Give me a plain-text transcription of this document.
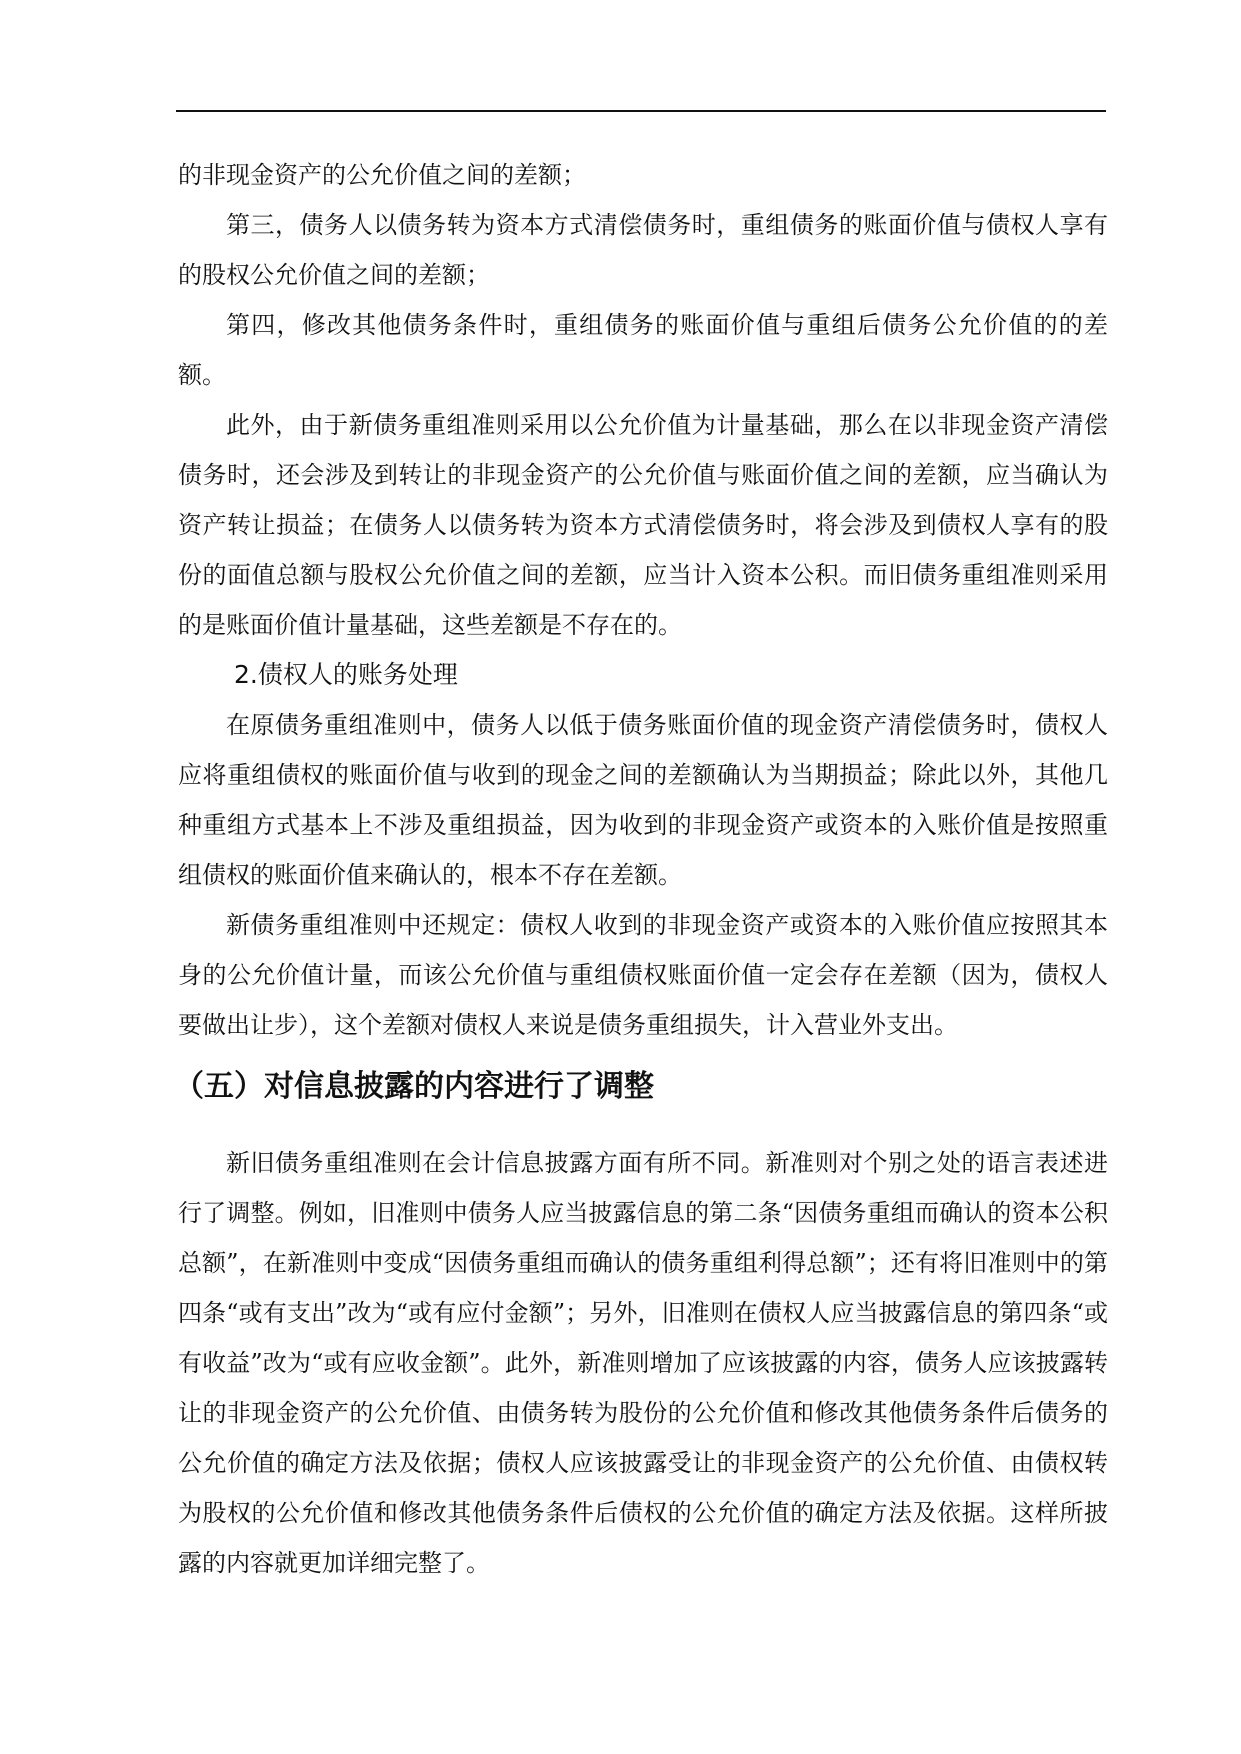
的非现金资产的公允价值之间的差额；

第三，债务人以债务转为资本方式清偿债务时，重组债务的账面价值与债权人享有的股权公允价值之间的差额；

第四，修改其他债务条件时，重组债务的账面价值与重组后债务公允价值的的差额。

此外，由于新债务重组准则采用以公允价值为计量基础，那么在以非现金资产清偿债务时，还会涉及到转让的非现金资产的公允价值与账面价值之间的差额，应当确认为资产转让损益；在债务人以债务转为资本方式清偿债务时，将会涉及到债权人享有的股份的面值总额与股权公允价值之间的差额，应当计入资本公积。而旧债务重组准则采用的是账面价值计量基础，这些差额是不存在的。

2.债权人的账务处理

在原债务重组准则中，债务人以低于债务账面价值的现金资产清偿债务时，债权人应将重组债权的账面价值与收到的现金之间的差额确认为当期损益；除此以外，其他几种重组方式基本上不涉及重组损益，因为收到的非现金资产或资本的入账价值是按照重组债权的账面价值来确认的，根本不存在差额。

新债务重组准则中还规定：债权人收到的非现金资产或资本的入账价值应按照其本身的公允价值计量，而该公允价值与重组债权账面价值一定会存在差额（因为，债权人要做出让步），这个差额对债权人来说是债务重组损失，计入营业外支出。

（五）对信息披露的内容进行了调整

新旧债务重组准则在会计信息披露方面有所不同。新准则对个别之处的语言表述进行了调整。例如，旧准则中债务人应当披露信息的第二条“因债务重组而确认的资本公积总额”，在新准则中变成“因债务重组而确认的债务重组利得总额”；还有将旧准则中的第四条“或有支出”改为“或有应付金额”；另外，旧准则在债权人应当披露信息的第四条“或有收益”改为“或有应收金额”。此外，新准则增加了应该披露的内容，债务人应该披露转让的非现金资产的公允价值、由债务转为股份的公允价值和修改其他债务条件后债务的公允价值的确定方法及依据；债权人应该披露受让的非现金资产的公允价值、由债权转为股权的公允价值和修改其他债务条件后债权的公允价值的确定方法及依据。这样所披露的内容就更加详细完整了。
